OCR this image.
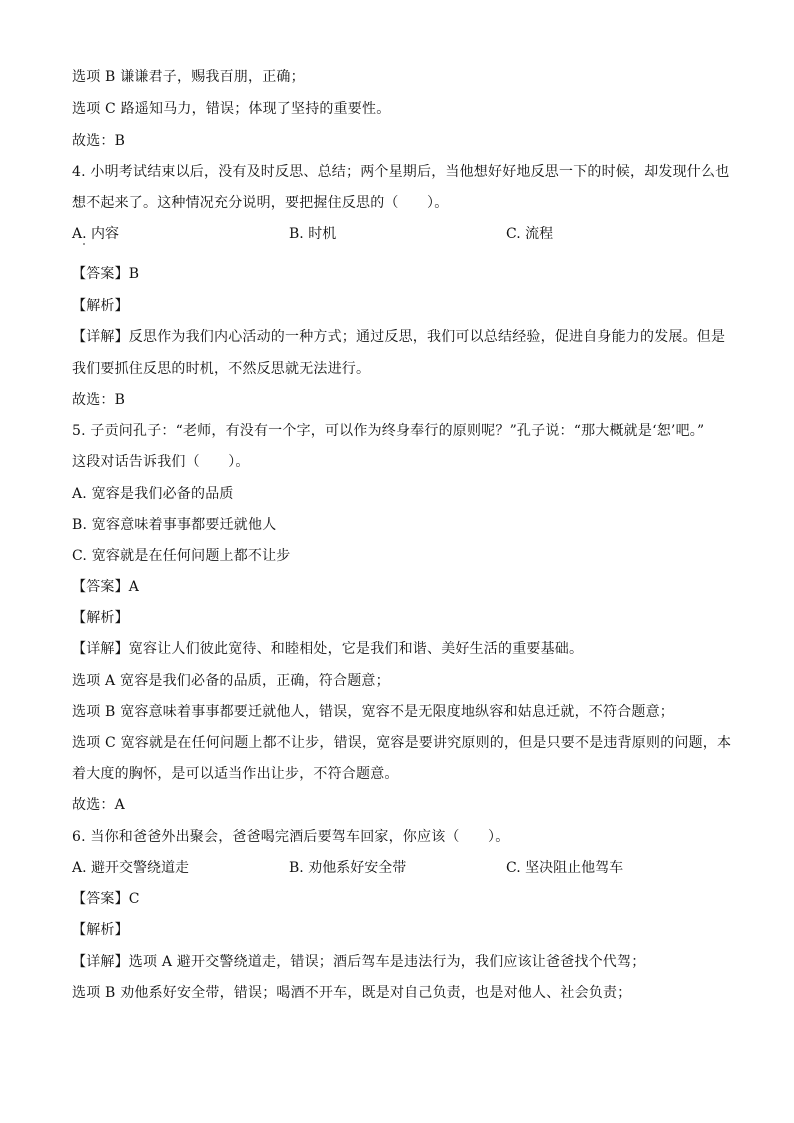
选项 B 谦谦君子，赐我百朋，正确；
选项 C 路遥知马力，错误；体现了坚持的重要性。
故选：B
4. 小明考试结束以后，没有及时反思、总结；两个星期后，当他想好好地反思一下的时候，却发现什么也
想不起来了。这种情况充分说明，要把握住反思的（　　）。
A. 内容	B. 时机	C. 流程
【答案】B
【解析】
【详解】反思作为我们内心活动的一种方式；通过反思，我们可以总结经验，促进自身能力的发展。但是
我们要抓住反思的时机，不然反思就无法进行。
故选：B
5. 子贡问孔子：“老师，有没有一个字，可以作为终身奉行的原则呢？”孔子说：“那大概就是‘恕’吧。”
这段对话告诉我们（　　）。
A. 宽容是我们必备的品质
B. 宽容意味着事事都要迁就他人
C. 宽容就是在任何问题上都不让步
【答案】A
【解析】
【详解】宽容让人们彼此宽待、和睦相处，它是我们和谐、美好生活的重要基础。
选项 A 宽容是我们必备的品质，正确，符合题意；
选项 B 宽容意味着事事都要迁就他人，错误，宽容不是无限度地纵容和姑息迁就，不符合题意；
选项 C 宽容就是在任何问题上都不让步，错误，宽容是要讲究原则的，但是只要不是违背原则的问题，本
着大度的胸怀，是可以适当作出让步，不符合题意。
故选：A
6. 当你和爸爸外出聚会，爸爸喝完酒后要驾车回家，你应该（　　）。
A. 避开交警绕道走	B. 劝他系好安全带	C. 坚决阻止他驾车
【答案】C
【解析】
【详解】选项 A 避开交警绕道走，错误；酒后驾车是违法行为，我们应该让爸爸找个代驾；
选项 B 劝他系好安全带，错误；喝酒不开车，既是对自己负责，也是对他人、社会负责；
